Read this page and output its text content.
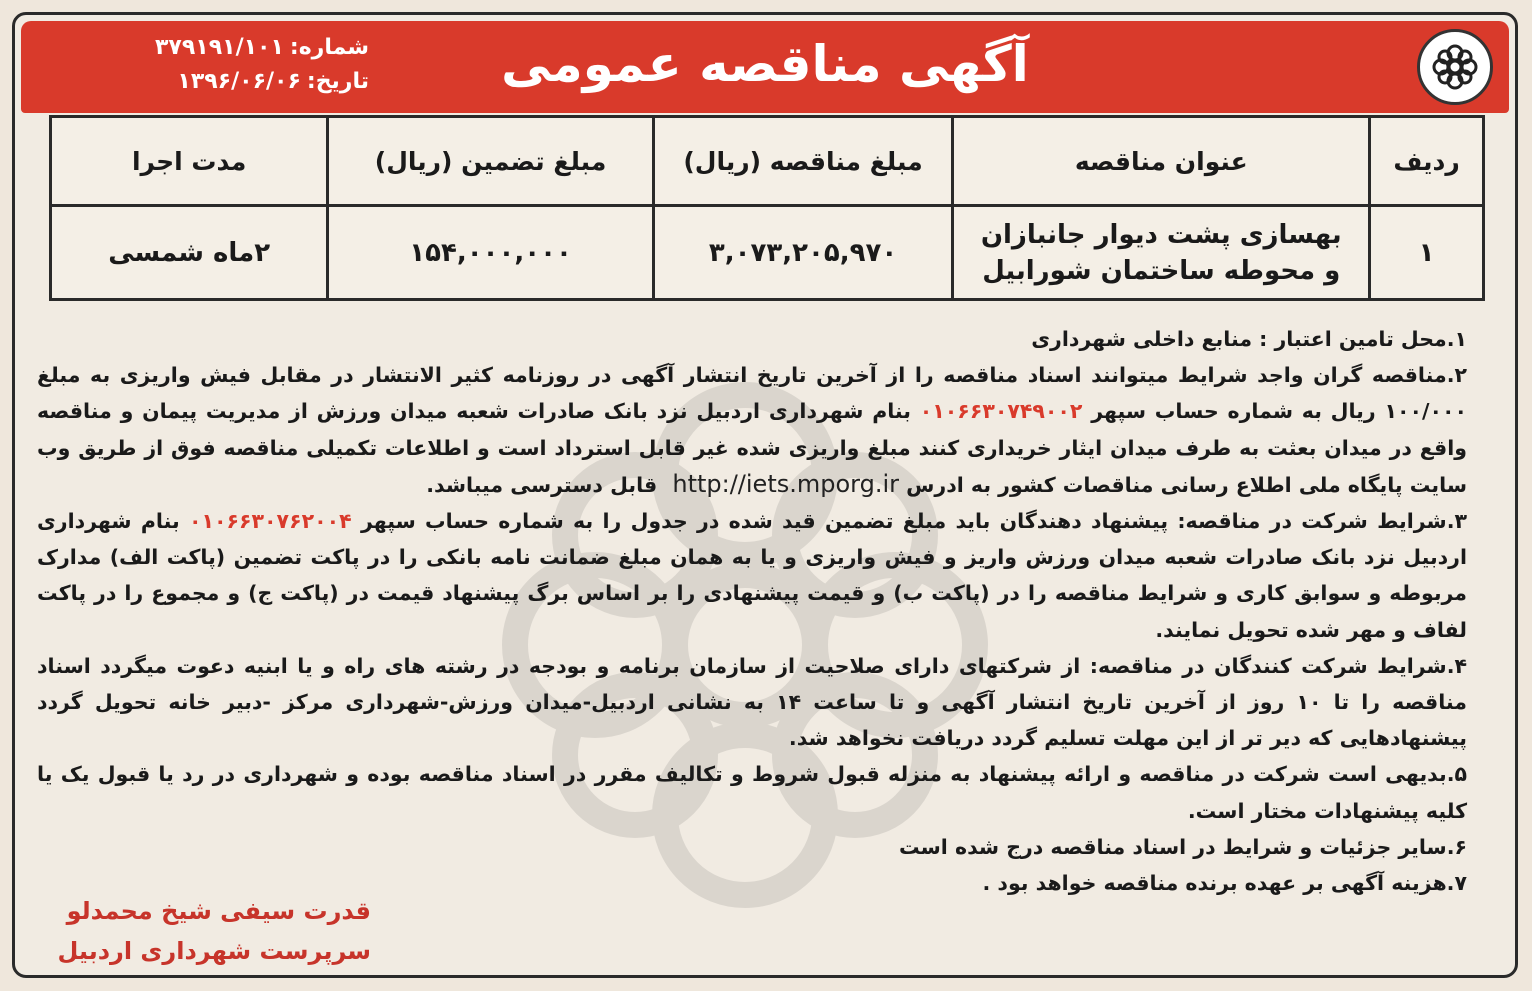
آگهی مناقصه عمومی
شماره:۳۷۹۱۹۱/۱۰۱
تاریخ:۱۳۹۶/۰۶/۰۶
ردیف	عنوان مناقصه	مبلغ مناقصه (ریال)	مبلغ تضمین (ریال)	مدت اجرا
۱	بهسازی پشت دیوار جانبازان
و محوطه ساختمان شورابیل	۳,۰۷۳,۲۰۵,۹۷۰	۱۵۴,۰۰۰,۰۰۰	۲ماه شمسی

۱.محل تامین اعتبار : منابع داخلی شهرداری

۲.مناقصه گران واجد شرایط میتوانند اسناد مناقصه را از آخرین تاریخ انتشار آگهی در روزنامه کثیر الانتشار در مقابل فیش واریزی به مبلغ ۱۰۰/۰۰۰ ریال به شماره حساب سپهر ۰۱۰۶۶۳۰۷۴۹۰۰۲ بنام شهرداری اردبیل نزد بانک صادرات شعبه میدان ورزش از مدیریت پیمان و مناقصه واقع در میدان بعثت به طرف میدان ایثار خریداری کنند مبلغ واریزی شده غیر قابل استرداد است و اطلاعات تکمیلی مناقصه فوق از طریق وب سایت پایگاه ملی اطلاع رسانی مناقصات کشور به ادرس http://iets.mporg.ir قابل دسترسی میباشد.

۳.شرایط شرکت در مناقصه: پیشنهاد دهندگان باید مبلغ تضمین قید شده در جدول را به شماره حساب سپهر ۰۱۰۶۶۳۰۷۶۲۰۰۴ بنام شهرداری اردبیل نزد بانک صادرات شعبه میدان ورزش واریز و فیش واریزی و یا به همان مبلغ ضمانت نامه بانکی را در پاکت تضمین (پاکت الف) مدارک مربوطه و سوابق کاری و شرایط مناقصه را در (پاکت ب) و قیمت پیشنهادی را بر اساس برگ پیشنهاد قیمت در (پاکت ج) و مجموع را در پاکت لفاف و مهر شده تحویل نمایند.

۴.شرایط شرکت کنندگان در مناقصه: از شرکتهای دارای صلاحیت از سازمان برنامه و بودجه در رشته های راه و یا ابنیه دعوت میگردد اسناد مناقصه را تا ۱۰ روز از آخرین تاریخ انتشار آگهی و تا ساعت ۱۴ به نشانی اردبیل-میدان ورزش-شهرداری مرکز -دبیر خانه تحویل گردد پیشنهادهایی که دیر تر از این مهلت تسلیم گردد دریافت نخواهد شد.

۵.بدیهی است شرکت در مناقصه و ارائه پیشنهاد به منزله قبول شروط و تکالیف مقرر در اسناد مناقصه بوده و شهرداری در رد یا قبول یک یا کلیه پیشنهادات مختار است.

۶.سایر جزئیات و شرایط در اسناد مناقصه درج شده است

۷.هزینه آگهی بر عهده برنده مناقصه خواهد بود .

قدرت سیفی شیخ محمدلو
سرپرست شهرداری اردبیل
